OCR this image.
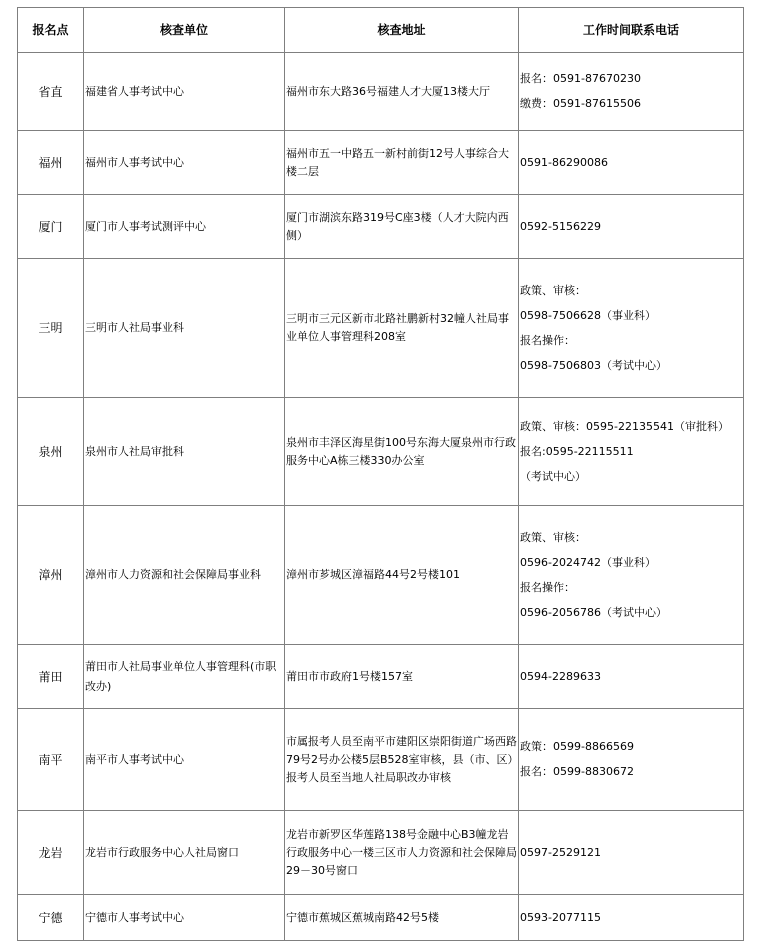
报名点	核查单位	核查地址	工作时间联系电话
省直	福建省人事考试中心	福州市东大路36号福建人才大厦13楼大厅	报名：0591-87670230
缴费：0591-87615506

福州	福州市人事考试中心	福州市五一中路五一新村前街12号人事综合大楼二层	0591-86290086

厦门	厦门市人事考试测评中心	厦门市湖滨东路319号C座3楼（人才大院内西侧）	0592-5156229

三明	三明市人社局事业科	三明市三元区新市北路社鹏新村32幢人社局事业单位人事管理科208室	政策、审核：
0598-7506628（事业科）
报名操作：
0598-7506803（考试中心）

泉州	泉州市人社局审批科	泉州市丰泽区海星街100号东海大厦泉州市行政服务中心A栋三楼330办公室	政策、审核：0595-22135541（审批科）
报名:0595-22115511
（考试中心）

漳州	漳州市人力资源和社会保障局事业科	漳州市芗城区漳福路44号2号楼101	政策、审核：
0596-2024742（事业科）
报名操作：
0596-2056786（考试中心）

莆田	莆田市人社局事业单位人事管理科(市职改办)	莆田市市政府1号楼157室	0594-2289633

南平	南平市人事考试中心	市属报考人员至南平市建阳区崇阳街道广场西路79号2号办公楼5层B528室审核，县（市、区）报考人员至当地人社局职改办审核	政策：0599-8866569
报名：0599-8830672

龙岩	龙岩市行政服务中心人社局窗口	龙岩市新罗区华莲路138号金融中心B3幢龙岩行政服务中心一楼三区市人力资源和社会保障局29－30号窗口	0597-2529121

宁德	宁德市人事考试中心	宁德市蕉城区蕉城南路42号5楼	0593-2077115
